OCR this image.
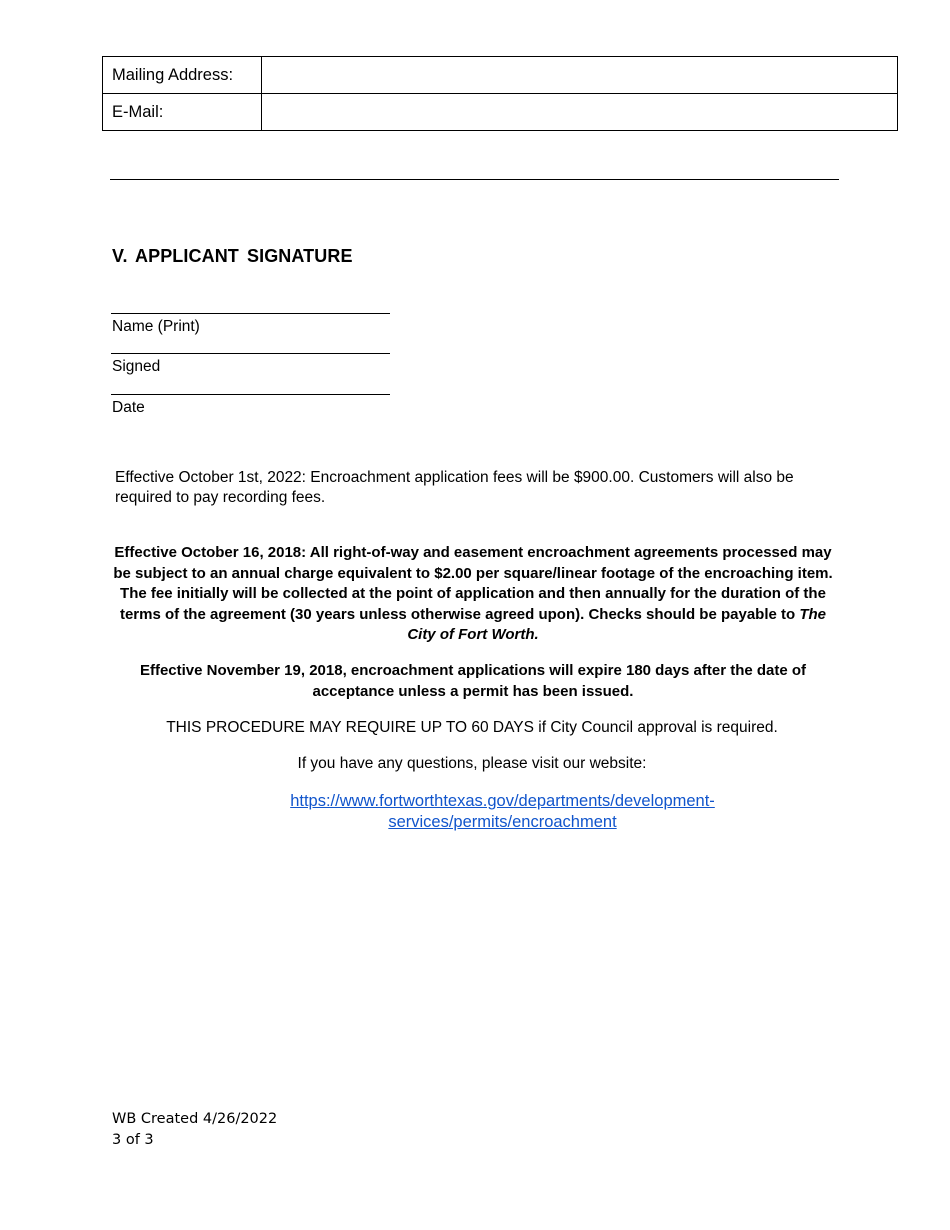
Mailing Address:	
E-Mail:	
V. APPLICANT SIGNATURE
Name (Print)
Signed
Date
Effective October 1st, 2022: Encroachment application fees will be $900.00. Customers will also be required to pay recording fees.
Effective October 16, 2018: All right-of-way and easement encroachment agreements processed may be subject to an annual charge equivalent to $2.00 per square/linear footage of the encroaching item. The fee initially will be collected at the point of application and then annually for the duration of the terms of the agreement (30 years unless otherwise agreed upon). Checks should be payable to The City of Fort Worth.
Effective November 19, 2018, encroachment applications will expire 180 days after the date of acceptance unless a permit has been issued.
THIS PROCEDURE MAY REQUIRE UP TO 60 DAYS if City Council approval is required.
If you have any questions, please visit our website:
https://www.fortworthtexas.gov/departments/development-
services/permits/encroachment
WB Created 4/26/2022
3 of 3
